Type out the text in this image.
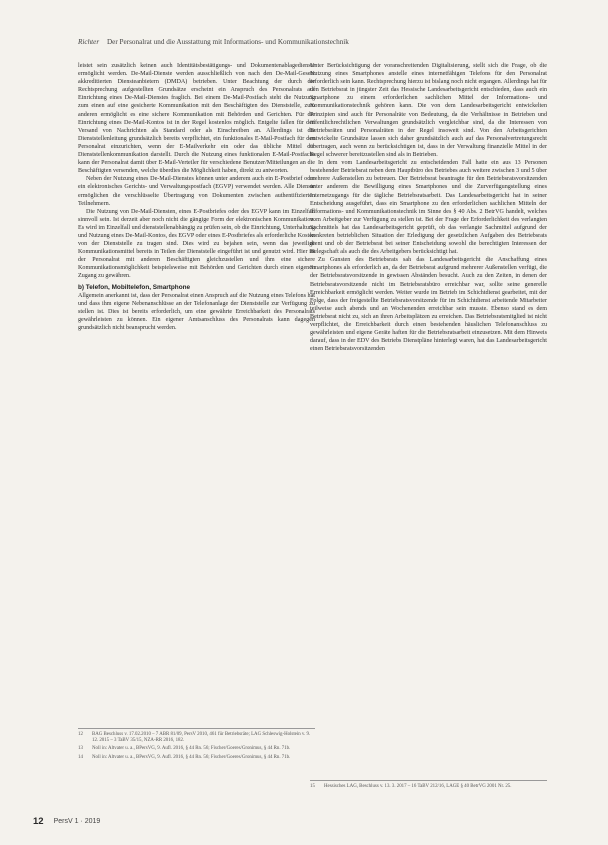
Richter Der Personalrat und die Ausstattung mit Informations- und Kommunikationstechnik

leistet sein zusätzlich keinen auch Identitätsbestätigungs- und Dokumentenablagedienste ermöglicht werden. De-Mail-Dienste werden ausschließlich von nach den De-Mail-Gesetz akkreditierten Diensteanbietern (DMDA) betrieben. Unter Beachtung der durch die Rechtsprechung aufgestellten Grundsätze erscheint ein Anspruch des Personalrats auf Einrichtung eines De-Mail-Dienstes fraglich. Bei einem De-Mail-Postfach steht die Nutzung zum einen auf eine gesicherte Kommunikation mit den Beschäftigten des Dienststelle, zum anderen ermöglicht es eine sichere Kommunikation mit Behörden und Gerichten. Für die Einrichtung eines De-Mail-Kontos ist in der Regel kostenlos möglich. Entgelte fallen für den Versand von Nachrichten als Standard oder als Einschreiben an. Allerdings ist die Dienststellenleitung grundsätzlich bereits verpflichtet, ein funktionales E-Mail-Postfach für den Personalrat einzurichten, wenn der E-Mailverkehr ein oder das übliche Mittel der Dienststellenkommunikation darstellt. Durch die Nutzung eines funktionalen E-Mail-Postfachs kann der Personalrat damit über E-Mail-Verteiler für verschiedene Benutzer/Mitteilungen an die Beschäftigten versenden, welche überdies die Möglichkeit haben, direkt zu antworten.

Neben der Nutzung eines De-Mail-Dienstes können unter anderem auch ein E-Postbrief oder ein elektronisches Gerichts- und Verwaltungspostfach (EGVP) verwendet werden. Alle Dienste ermöglichen die verschlüsselte Übertragung von Dokumenten zwischen authentifizierten Teilnehmern.

Die Nutzung von De-Mail-Diensten, eines E-Postbriefes oder des EGVP kann im Einzelfall sinnvoll sein. Ist derzeit aber noch nicht die gängige Form der elektronischen Kommunikation. Es wird im Einzelfall und dienststellenabhängig zu prüfen sein, ob die Einrichtung, Unterhaltung und Nutzung eines De-Mail-Kontos, des EGVP oder eines E-Postbriefes als erforderliche Kosten von der Dienststelle zu tragen sind. Dies wird zu bejahen sein, wenn das jeweilige Kommunikationsmittel bereits in Teilen der Dienststelle eingeführt ist und genutzt wird. Hier ist der Personalrat mit anderen Beschäftigten gleichzustellen und ihm eine sichere Kommunikationsmöglichkeit beispielsweise mit Behörden und Gerichten durch einen eigenen Zugang zu gewähren.

b) Telefon, Mobiltelefon, Smartphone

Allgemein anerkannt ist, dass der Personalrat einen Anspruch auf die Nutzung eines Telefons hat und dass ihm eigene Nebenanschlüsse an der Telefonanlage der Dienststelle zur Verfügung zu stellen ist. Dies ist bereits erforderlich, um eine gewährte Erreichbarkeit des Personalrats gewährleisten zu können. Ein eigener Amtsanschluss des Personalrats kann dagegen grundsätzlich nicht beansprucht werden.

12	BAG Beschluss v. 17.02.2010 – 7 ABR 81/09, PersV 2010, 461 für Betriebsräte; LAG Schleswig-Holstein v. 9. 12. 2015 – 3 TaBV 35/15, NZA-RR 2016, 182.
13	Noll in: Altvater u. a., BPersVG, 9. Aufl. 2016, § 44 Rn. 56; Fischer/Goeres/Gronimus, § 44 Rn. 71b.
14	Noll in: Altvater u. a., BPersVG, 9. Aufl. 2016, § 44 Rn. 56; Fischer/Goeres/Gronimus, § 44 Rn. 71b.

Unter Berücksichtigung der voranschreitenden Digitalisierung, stellt sich die Frage, ob die Nutzung eines Smartphones anstelle eines internetfähigen Telefons für den Personalrat erforderlich sein kann. Rechtsprechung hierzu ist bislang noch nicht ergangen. Allerdings hat für den Betriebsrat in jüngster Zeit das Hessische Landesarbeitsgericht entschieden, dass auch ein Smartphone zu einem erforderlichen sachlichen Mittel der Informations- und Kommunikationstechnik gehören kann. Die von dem Landesarbeitsgericht entwickelten Prinzipien sind auch für Personalräte von Bedeutung, da die Verhältnisse in Betrieben und öffentlichrechtlichen Verwaltungen grundsätzlich vergleichbar sind, da die Interessen von Betriebsräten und Personalräten in der Regel insoweit sind. Von den Arbeitsgerichten entwickelte Grundsätze lassen sich daher grundsätzlich auch auf das Personalvertretungsrecht übertragen, auch wenn zu berücksichtigen ist, dass in der Verwaltung finanzielle Mittel in der Regel schwerer bereitzustellen sind als in Betrieben.

In dem vom Landesarbeitsgericht zu entscheidenden Fall hatte ein aus 13 Personen bestehender Betriebsrat neben dem Hauptbüro des Betriebes auch weitere zwischen 3 und 5 über mehrere Außenstellen zu betreuen. Der Betriebsrat beantragte für den Betriebsratsvorsitzenden unter anderem die Bewilligung eines Smartphones und die Zurverfügungstellung eines Internetzugangs für die tägliche Betriebsratsarbeit. Das Landesarbeitsgericht hat in seiner Entscheidung ausgeführt, dass ein Smartphone zu den erforderlichen sachlichen Mitteln der Informations- und Kommunikationstechnik im Sinne des § 40 Abs. 2 BetrVG handelt, welches vom Arbeitgeber zur Verfügung zu stellen ist. Bei der Frage der Erforderlichkeit des verlangten Sachmittels hat das Landesarbeitsgericht geprüft, ob das verlangte Sachmittel aufgrund der konkreten betrieblichen Situation der Erledigung der gesetzlichen Aufgaben des Betriebsrats dient und ob der Betriebsrat bei seiner Entscheidung sowohl die berechtigten Interessen der Belegschaft als auch die des Arbeitgebers berücksichtigt hat.

Zu Gunsten des Betriebsrats sah das Landesarbeitsgericht die Anschaffung eines Smartphones als erforderlich an, da der Betriebsrat aufgrund mehrerer Außenstellen verfügt, die der Betriebsratsvorsitzende in gewissen Abständen besucht. Auch zu den Zeiten, in denen der Betriebsratsvorsitzende nicht im Betriebsratsbüro erreichbar war, sollte seine generelle Erreichbarkeit ermöglicht werden. Weiter wurde im Betrieb im Schichtdienst gearbeitet, mit der Folge, dass der freigestellte Betriebsratsvorsitzende für im Schichtdienst arbeitende Mitarbeiter teilweise auch abends und an Wochenenden erreichbar sein musste. Ebenso stand es dem Betriebsrat nicht zu, sich an ihren Arbeitsplätzen zu erreichen. Das Betriebsratsmitglied ist nicht verpflichtet, die Erreichbarkeit durch einen bestehenden häuslichen Telefonanschluss zu gewährleisten und eigene Geräte haften für die Betriebsratsarbeit einzusetzen. Mit dem Hinweis darauf, dass in der EDV des Betriebs Dienstpläne hinterlegt waren, hat das Landesarbeitsgericht einen Betriebsratsvorsitzenden

15	Hessisches LAG, Beschluss v. 13. 3. 2017 – 16 TaBV 212/16, LAGE § 40 BetrVG 2001 Nr. 25.
12 PersV 1 · 2019
